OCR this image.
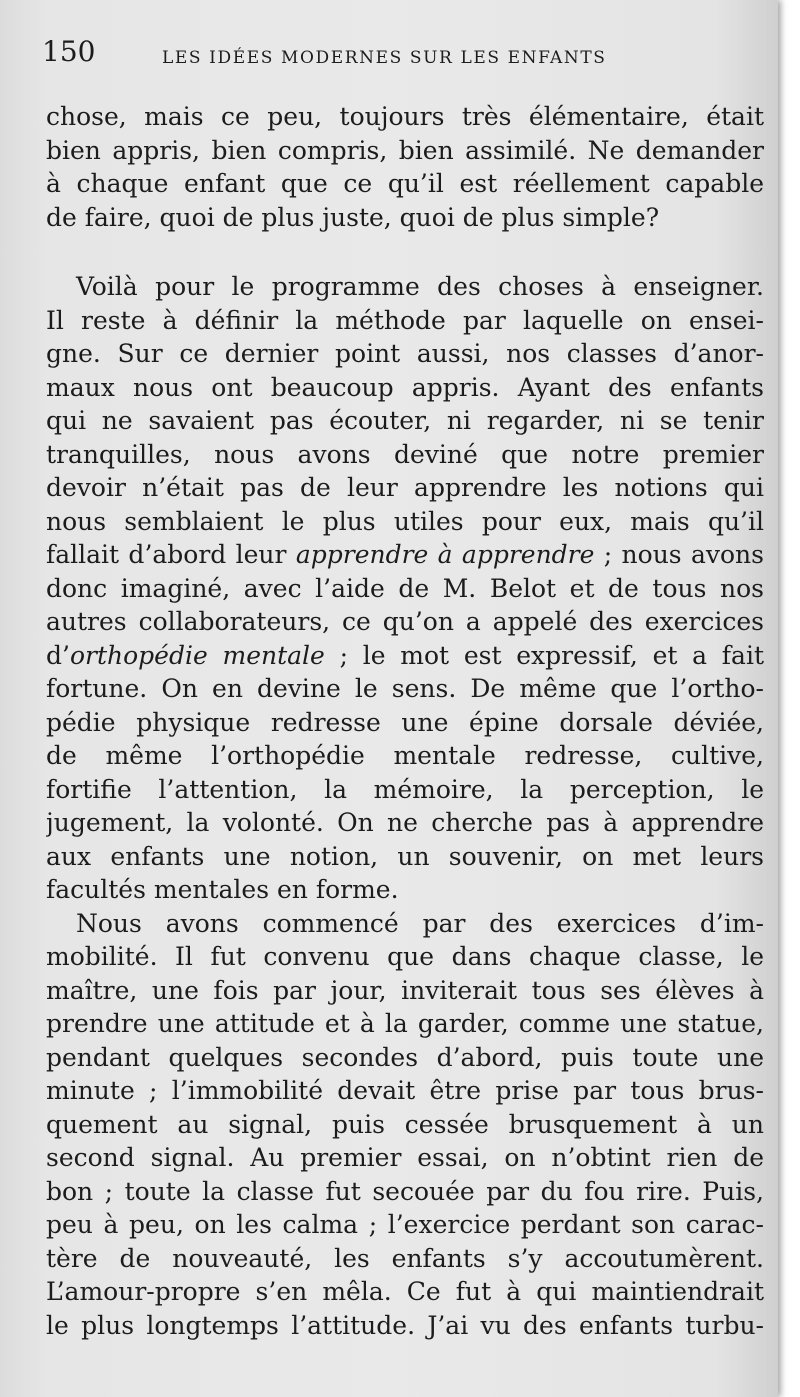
150	LES IDÉES MODERNES SUR LES ENFANTS
chose, mais ce peu, toujours très élémentaire, était
bien appris, bien compris, bien assimilé. Ne demander
à chaque enfant que ce qu’il est réellement capable
de faire, quoi de plus juste, quoi de plus simple?
Voilà pour le programme des choses à enseigner.
Il reste à définir la méthode par laquelle on ensei-
gne. Sur ce dernier point aussi, nos classes d’anor-
maux nous ont beaucoup appris. Ayant des enfants
qui ne savaient pas écouter, ni regarder, ni se tenir
tranquilles, nous avons deviné que notre premier
devoir n’était pas de leur apprendre les notions qui
nous semblaient le plus utiles pour eux, mais qu’il
fallait d’abord leur apprendre à apprendre ; nous avons
donc imaginé, avec l’aide de M. Belot et de tous nos
autres collaborateurs, ce qu’on a appelé des exercices
d’orthopédie mentale ; le mot est expressif, et a fait
fortune. On en devine le sens. De même que l’ortho-
pédie physique redresse une épine dorsale déviée,
de même l’orthopédie mentale redresse, cultive,
fortifie l’attention, la mémoire, la perception, le
jugement, la volonté. On ne cherche pas à apprendre
aux enfants une notion, un souvenir, on met leurs
facultés mentales en forme.
Nous avons commencé par des exercices d’im-
mobilité. Il fut convenu que dans chaque classe, le
maître, une fois par jour, inviterait tous ses élèves à
prendre une attitude et à la garder, comme une statue,
pendant quelques secondes d’abord, puis toute une
minute ; l’immobilité devait être prise par tous brus-
quement au signal, puis cessée brusquement à un
second signal. Au premier essai, on n’obtint rien de
bon ; toute la classe fut secouée par du fou rire. Puis,
peu à peu, on les calma ; l’exercice perdant son carac-
tère de nouveauté, les enfants s’y accoutumèrent.
L’amour-propre s’en mêla. Ce fut à qui maintiendrait
le plus longtemps l’attitude. J’ai vu des enfants turbu-
